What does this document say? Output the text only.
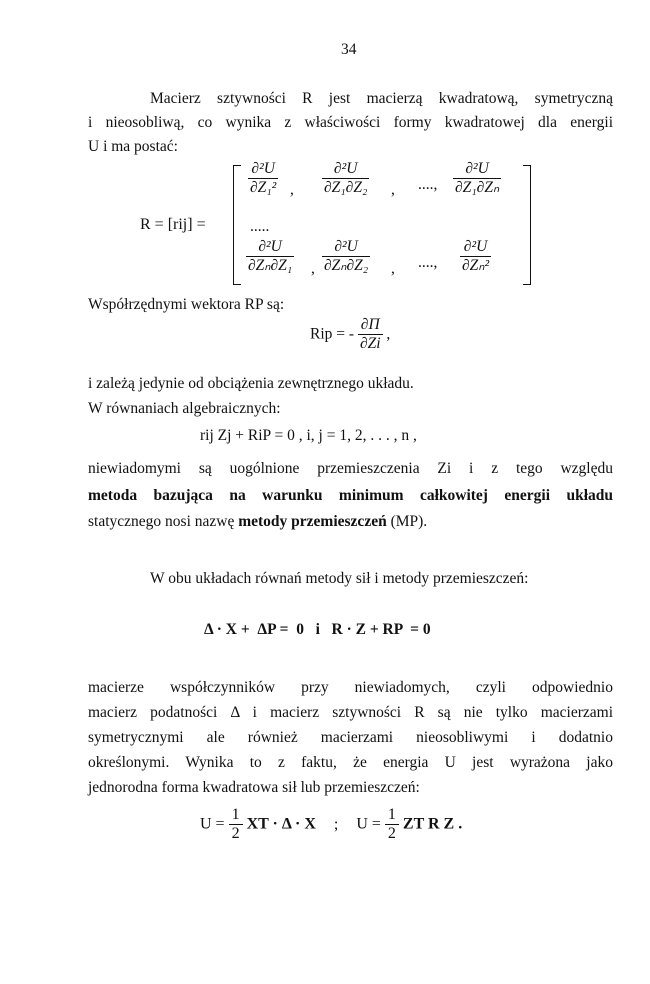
34
Macierz sztywności R jest macierzą kwadratową, symetryczną
i nieosobliwą, co wynika z właściwości formy kwadratowej dla energii
U i ma postać:
R = [rij] =
$\frac{\text{∂²U}}{\text{∂Z₁²}}$ , $\frac{\text{∂²U}}{\text{∂Z₁∂Z₂}}$ , ...., $\frac{\text{∂²U}}{\text{∂Z₁∂Zₙ}}$
.....
$\frac{\text{∂²U}}{\text{∂Zₙ∂Z₁}}$ , $\frac{\text{∂²U}}{\text{∂Zₙ∂Z₂}}$ , ...., $\frac{\text{∂²U}}{\text{∂Zₙ²}}$
Współrzędnymi wektora RP są:
Rip = - $\frac{\partial\Pi}{\partial Zi}$ ,
i zależą jedynie od obciążenia zewnętrznego układu.
W równaniach algebraicznych:
rij Zj + RiP = 0 , i, j = 1, 2, . . . , n ,
niewiadomymi są uogólnione przemieszczenia Zi i z tego względu
metoda bazująca na warunku minimum całkowitej energii układu
statycznego nosi nazwę metody przemieszczeń (MP).
W obu układach równań metody sił i metody przemieszczeń:
Δ · X +  ΔP =  0   i   R · Z + RP  = 0
macierze współczynników przy niewiadomych, czyli odpowiednio
macierz podatności Δ i macierz sztywności R są nie tylko macierzami
symetrycznymi ale również macierzami nieosobliwymi i dodatnio
określonymi. Wynika to z faktu, że energia U jest wyrażona jako
jednorodna forma kwadratowa sił lub przemieszczeń:
$U = \frac{1}{2}$ XT · Δ · X ; $U = \frac{1}{2}$ ZT R Z .
